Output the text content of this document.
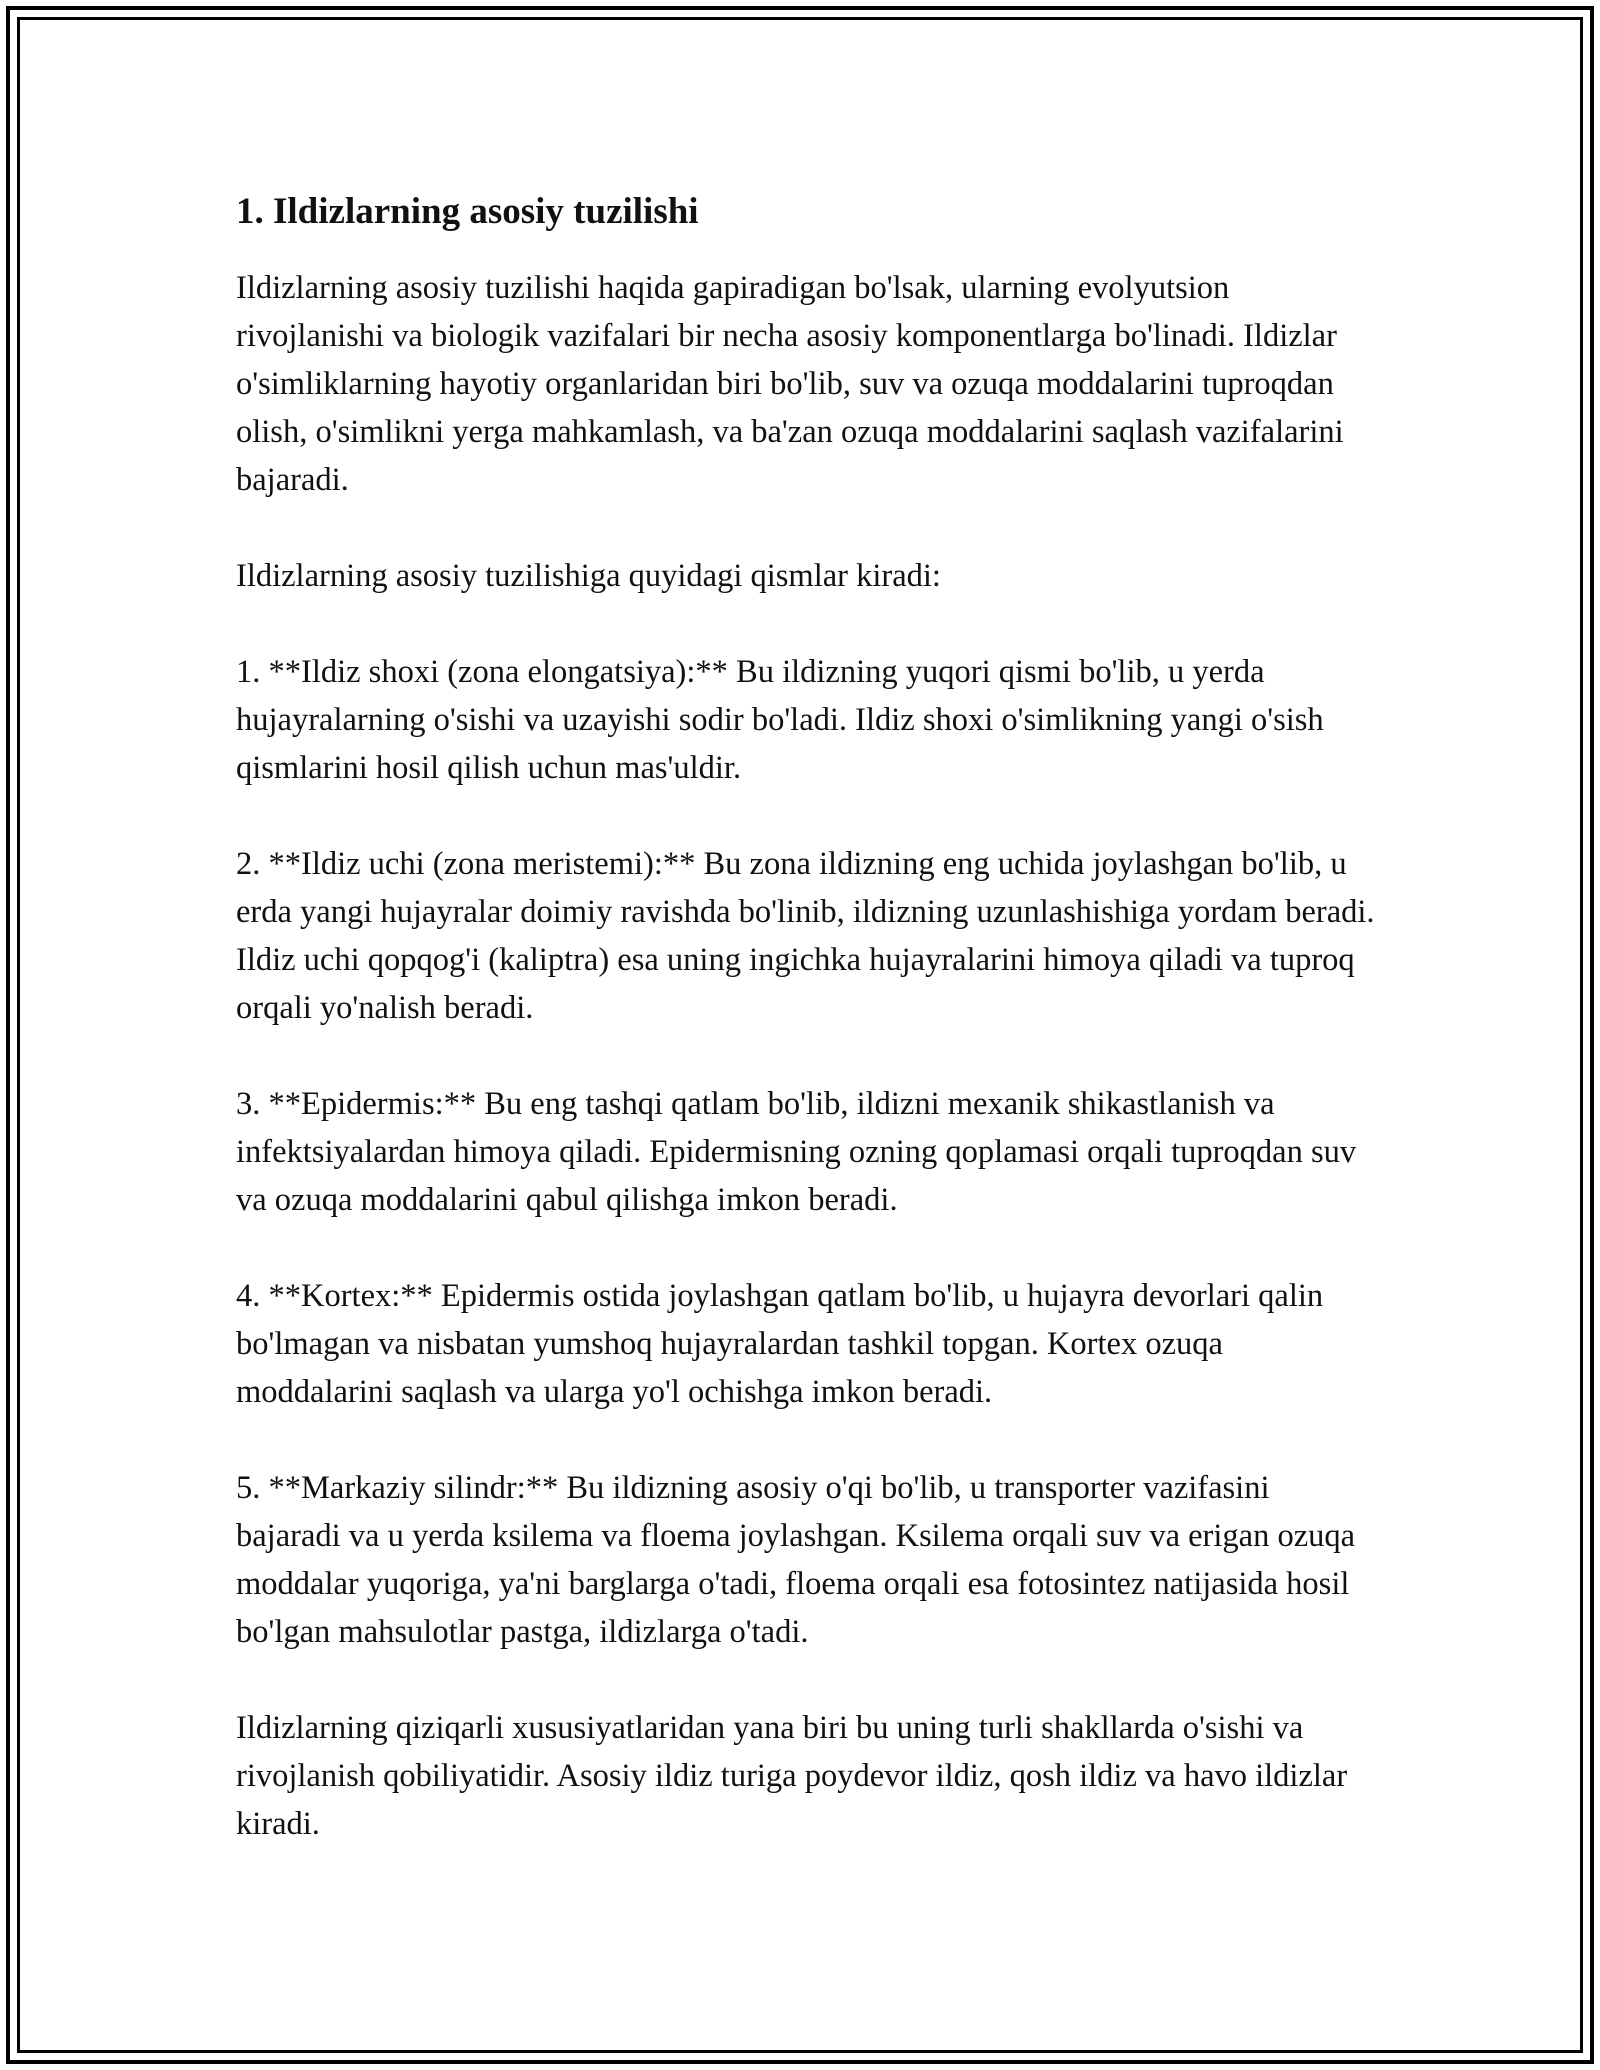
1. Ildizlarning asosiy tuzilishi

Ildizlarning asosiy tuzilishi haqida gapiradigan bo'lsak, ularning evolyutsion rivojlanishi va biologik vazifalari bir necha asosiy komponentlarga bo'linadi. Ildizlar o'simliklarning hayotiy organlaridan biri bo'lib, suv va ozuqa moddalarini tuproqdan olish, o'simlikni yerga mahkamlash, va ba'zan ozuqa moddalarini saqlash vazifalarini bajaradi.

Ildizlarning asosiy tuzilishiga quyidagi qismlar kiradi:

1. **Ildiz shoxi (zona elongatsiya):** Bu ildizning yuqori qismi bo'lib, u yerda hujayralarning o'sishi va uzayishi sodir bo'ladi. Ildiz shoxi o'simlikning yangi o'sish qismlarini hosil qilish uchun mas'uldir.

2. **Ildiz uchi (zona meristemi):** Bu zona ildizning eng uchida joylashgan bo'lib, u erda yangi hujayralar doimiy ravishda bo'linib, ildizning uzunlashishiga yordam beradi. Ildiz uchi qopqog'i (kaliptra) esa uning ingichka hujayralarini himoya qiladi va tuproq orqali yo'nalish beradi.

3. **Epidermis:** Bu eng tashqi qatlam bo'lib, ildizni mexanik shikastlanish va infektsiyalardan himoya qiladi. Epidermisning ozning qoplamasi orqali tuproqdan suv va ozuqa moddalarini qabul qilishga imkon beradi.

4. **Kortex:** Epidermis ostida joylashgan qatlam bo'lib, u hujayra devorlari qalin bo'lmagan va nisbatan yumshoq hujayralardan tashkil topgan. Kortex ozuqa moddalarini saqlash va ularga yo'l ochishga imkon beradi.

5. **Markaziy silindr:** Bu ildizning asosiy o'qi bo'lib, u transporter vazifasini bajaradi va u yerda ksilema va floema joylashgan. Ksilema orqali suv va erigan ozuqa moddalar yuqoriga, ya'ni barglarga o'tadi, floema orqali esa fotosintez natijasida hosil bo'lgan mahsulotlar pastga, ildizlarga o'tadi.

Ildizlarning qiziqarli xususiyatlaridan yana biri bu uning turli shakllarda o'sishi va rivojlanish qobiliyatidir. Asosiy ildiz turiga poydevor ildiz, qosh ildiz va havo ildizlar kiradi.
